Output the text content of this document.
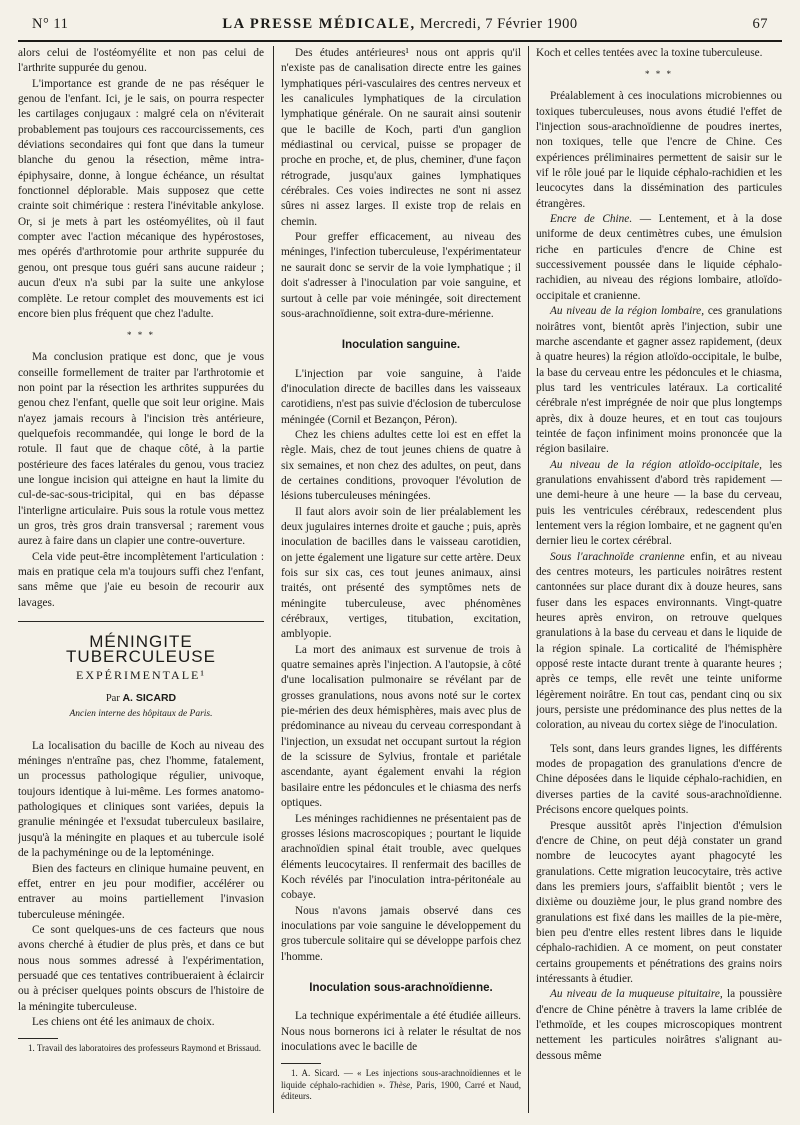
N° 11	LA PRESSE MÉDICALE, Mercredi, 7 Février 1900	67

alors celui de l'ostéomyélite et non pas celui de l'arthrite suppurée du genou.

L'importance est grande de ne pas réséquer le genou de l'enfant. Ici, je le sais, on pourra respecter les cartilages conjugaux : malgré cela on n'éviterait probablement pas toujours ces raccourcissements, ces déviations secondaires qui font que dans la tumeur blanche du genou la résection, même intra-épiphysaire, donne, à longue échéance, un résultat fonctionnel déplorable. Mais supposez que cette crainte soit chimérique : restera l'inévitable ankylose. Or, si je mets à part les ostéomyélites, où il faut compter avec l'action mécanique des hypérostoses, mes opérés d'arthrotomie pour arthrite suppurée du genou, ont presque tous guéri sans aucune raideur ; aucun d'eux n'a subi par la suite une ankylose complète. Le retour complet des mouvements est ici encore bien plus fréquent que chez l'adulte.

* * *

Ma conclusion pratique est donc, que je vous conseille formellement de traiter par l'arthrotomie et non point par la résection les arthrites suppurées du genou chez l'enfant, quelle que soit leur origine. Mais n'ayez jamais recours à l'incision très antérieure, quelquefois recommandée, qui longe le bord de la rotule. Il faut que de chaque côté, à la partie postérieure des faces latérales du genou, vous traciez une longue incision qui atteigne en haut la limite du cul-de-sac-sous-tricipital, qui en bas dépasse l'interligne articulaire. Puis sous la rotule vous mettez un gros, très gros drain transversal ; rarement vous aurez à faire dans un clapier une contre-ouverture.

Cela vide peut-être incomplètement l'articulation : mais en pratique cela m'a toujours suffi chez l'enfant, sans même que j'aie eu besoin de recourir aux lavages.

MÉNINGITE TUBERCULEUSE
EXPÉRIMENTALE¹
Par A. SICARD
Ancien interne des hôpitaux de Paris.

La localisation du bacille de Koch au niveau des méninges n'entraîne pas, chez l'homme, fatalement, un processus pathologique régulier, univoque, toujours identique à lui-même. Les formes anatomo-pathologiques et cliniques sont variées, depuis la granulie méningée et l'exsudat tuberculeux basilaire, jusqu'à la méningite en plaques et au tubercule isolé de la pachyméninge ou de la leptoméninge.

Bien des facteurs en clinique humaine peuvent, en effet, entrer en jeu pour modifier, accélérer ou entraver au moins partiellement l'invasion tuberculeuse méningée.

Ce sont quelques-uns de ces facteurs que nous avons cherché à étudier de plus près, et dans ce but nous nous sommes adressé à l'expérimentation, persuadé que ces tentatives contribueraient à éclaircir ou à préciser quelques points obscurs de l'histoire de la méningite tuberculeuse.

Les chiens ont été les animaux de choix.

1. Travail des laboratoires des professeurs Raymond et Brissaud.

Des études antérieures¹ nous ont appris qu'il n'existe pas de canalisation directe entre les gaines lymphatiques péri-vasculaires des centres nerveux et les canalicules lymphatiques de la circulation lymphatique générale. On ne saurait ainsi soutenir que le bacille de Koch, parti d'un ganglion médiastinal ou cervical, puisse se propager de proche en proche, et, de plus, cheminer, d'une façon rétrograde, jusqu'aux gaines lymphatiques cérébrales. Ces voies indirectes ne sont ni assez sûres ni assez larges. Il existe trop de relais en chemin.

Pour greffer efficacement, au niveau des méninges, l'infection tuberculeuse, l'expérimentateur ne saurait donc se servir de la voie lymphatique ; il doit s'adresser à l'inoculation par voie sanguine, et surtout à celle par voie méningée, soit directement sous-arachnoïdienne, soit extra-dure-mérienne.

Inoculation sanguine.

L'injection par voie sanguine, à l'aide d'inoculation directe de bacilles dans les vaisseaux carotidiens, n'est pas suivie d'éclosion de tuberculose méningée (Cornil et Bezançon, Péron).

Chez les chiens adultes cette loi est en effet la règle. Mais, chez de tout jeunes chiens de quatre à six semaines, et non chez des adultes, on peut, dans de certaines conditions, provoquer l'évolution de lésions tuberculeuses méningées.

Il faut alors avoir soin de lier préalablement les deux jugulaires internes droite et gauche ; puis, après inoculation de bacilles dans le vaisseau carotidien, on jette également une ligature sur cette artère. Deux fois sur six cas, ces tout jeunes animaux, ainsi traités, ont présenté des symptômes nets de méningite tuberculeuse, avec phénomènes cérébraux, vertiges, titubation, excitation, amblyopie.

La mort des animaux est survenue de trois à quatre semaines après l'injection. A l'autopsie, à côté d'une localisation pulmonaire se révélant par de grosses granulations, nous avons noté sur le cortex pie-mérien des deux hémisphères, mais avec plus de prédominance au niveau du cerveau correspondant à l'injection, un exsudat net occupant surtout la région de la scissure de Sylvius, frontale et pariétale ascendante, ayant également envahi la région basilaire entre les pédoncules et le chiasma des nerfs optiques.

Les méninges rachidiennes ne présentaient pas de grosses lésions macroscopiques ; pourtant le liquide arachnoïdien spinal était trouble, avec quelques éléments leucocytaires. Il renfermait des bacilles de Koch révélés par l'inoculation intra-péritonéale au cobaye.

Nous n'avons jamais observé dans ces inoculations par voie sanguine le développement du gros tubercule solitaire qui se développe parfois chez l'homme.

Inoculation sous-arachnoïdienne.

La technique expérimentale a été étudiée ailleurs. Nous nous bornerons ici à relater le résultat de nos inoculations avec le bacille de

1. A. Sicard. — « Les injections sous-arachnoïdiennes et le liquide céphalo-rachidien ». Thèse, Paris, 1900, Carré et Naud, éditeurs.

Koch et celles tentées avec la toxine tuberculeuse.

* * *

Préalablement à ces inoculations microbiennes ou toxiques tuberculeuses, nous avons étudié l'effet de l'injection sous-arachnoïdienne de poudres inertes, non toxiques, telle que l'encre de Chine. Ces expériences préliminaires permettent de saisir sur le vif le rôle joué par le liquide céphalo-rachidien et les leucocytes dans la dissémination des particules étrangères.

Encre de Chine. — Lentement, et à la dose uniforme de deux centimètres cubes, une émulsion riche en particules d'encre de Chine est successivement poussée dans le liquide céphalo-rachidien, au niveau des régions lombaire, atloïdo-occipitale et cranienne.

Au niveau de la région lombaire, ces granulations noirâtres vont, bientôt après l'injection, subir une marche ascendante et gagner assez rapidement, (deux à quatre heures) la région atloïdo-occipitale, le bulbe, la base du cerveau entre les pédoncules et le chiasma, plus tard les ventricules latéraux. La corticalité cérébrale n'est imprégnée de noir que plus longtemps après, dix à douze heures, et en tout cas toujours teintée de façon infiniment moins prononcée que la région basilaire.

Au niveau de la région atloïdo-occipitale, les granulations envahissent d'abord très rapidement — une demi-heure à une heure — la base du cerveau, puis les ventricules cérébraux, redescendent plus lentement vers la région lombaire, et ne gagnent qu'en dernier lieu le cortex cérébral.

Sous l'arachnoïde cranienne enfin, et au niveau des centres moteurs, les particules noirâtres restent cantonnées sur place durant dix à douze heures, sans fuser dans les espaces environnants. Vingt-quatre heures après environ, on retrouve quelques granulations à la base du cerveau et dans le liquide de la région spinale. La corticalité de l'hémisphère opposé reste intacte durant trente à quarante heures ; après ce temps, elle revêt une teinte uniforme légèrement noirâtre. En tout cas, pendant cinq ou six jours, persiste une prédominance des plus nettes de la coloration, au niveau du cortex siège de l'inoculation.

Tels sont, dans leurs grandes lignes, les différents modes de propagation des granulations d'encre de Chine déposées dans le liquide céphalo-rachidien, en diverses parties de la cavité sous-arachnoïdienne. Précisons encore quelques points.

Presque aussitôt après l'injection d'émulsion d'encre de Chine, on peut déjà constater un grand nombre de leucocytes ayant phagocyté les granulations. Cette migration leucocytaire, très active dans les premiers jours, s'affaiblit bientôt ; vers le dixième ou douzième jour, le plus grand nombre des granulations est fixé dans les mailles de la pie-mère, bien peu d'entre elles restent libres dans le liquide céphalo-rachidien. A ce moment, on peut constater certains groupements et pénétrations des grains noirs intéressants à étudier.

Au niveau de la muqueuse pituitaire, la poussière d'encre de Chine pénètre à travers la lame criblée de l'ethmoïde, et les coupes microscopiques montrent nettement les particules noirâtres s'alignant au-dessous même
